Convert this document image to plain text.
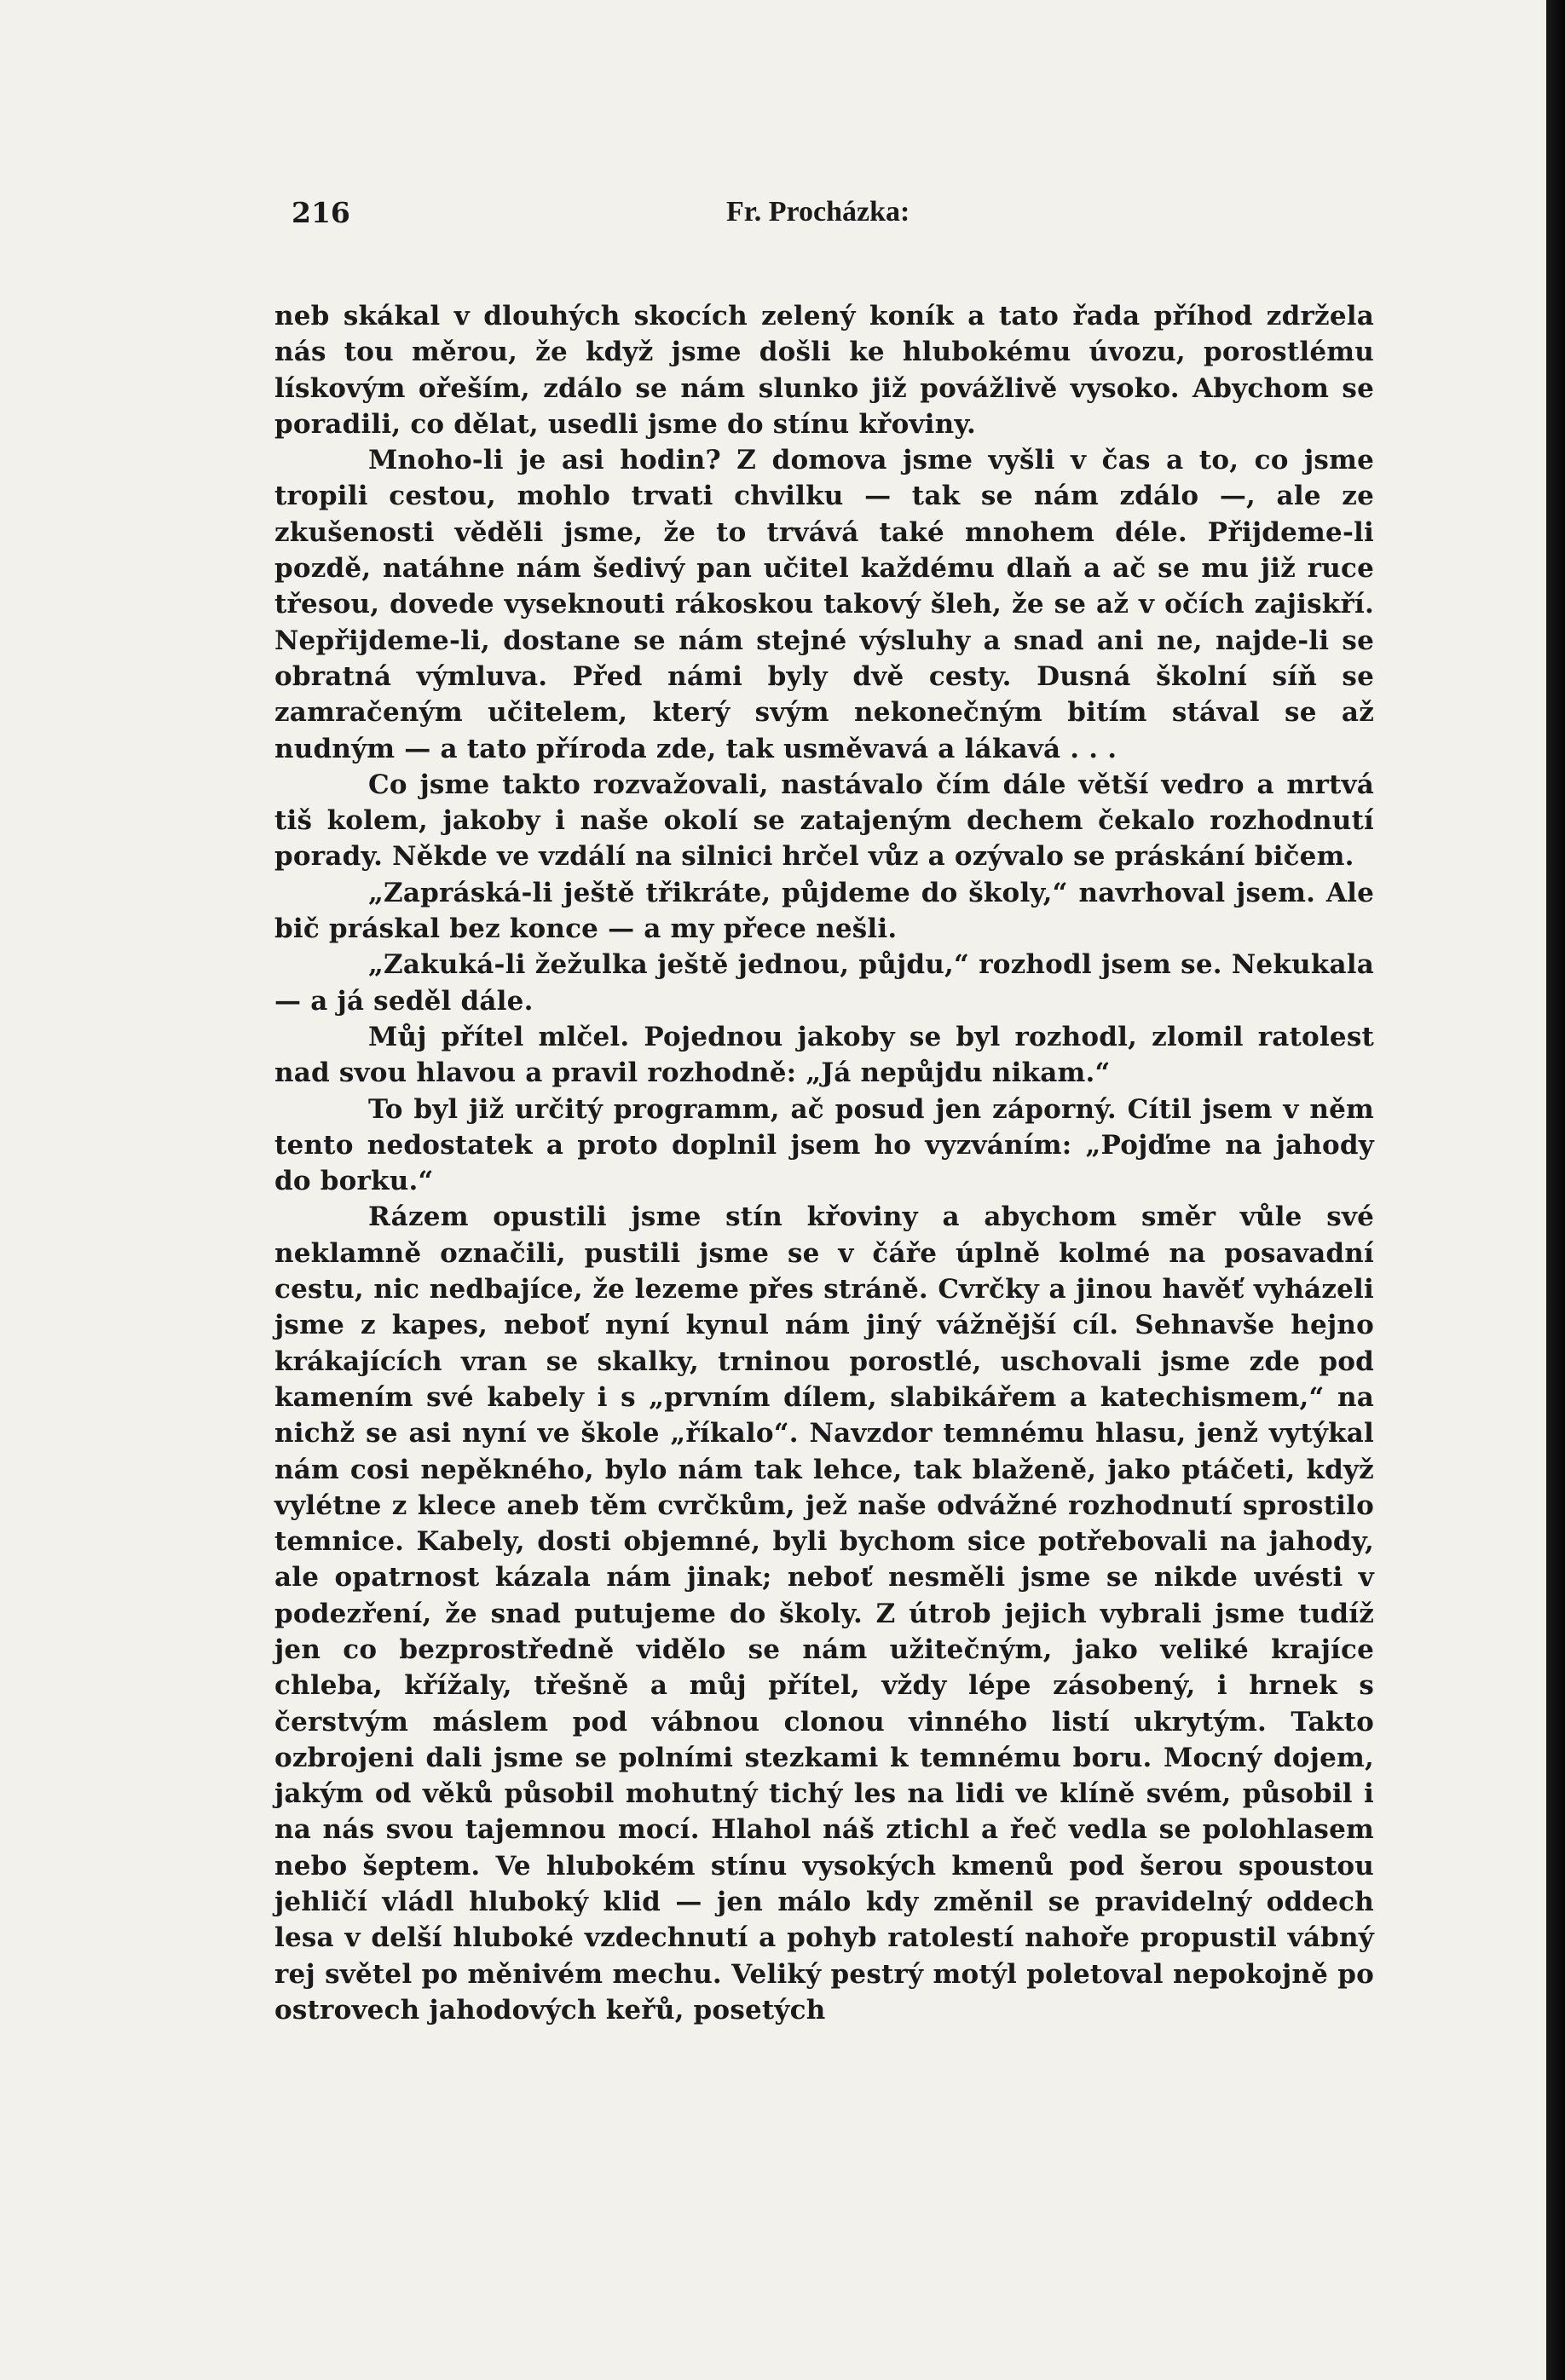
216	Fr. Procházka:

neb skákal v dlouhých skocích zelený koník a tato řada příhod zdržela nás tou měrou, že když jsme došli ke hlubokému úvozu, porostlému lískovým ořeším, zdálo se nám slunko již povážlivě vysoko. Abychom se poradili, co dělat, usedli jsme do stínu křoviny.

Mnoho-li je asi hodin? Z domova jsme vyšli v čas a to, co jsme tropili cestou, mohlo trvati chvilku — tak se nám zdálo —, ale ze zkušenosti věděli jsme, že to trvává také mnohem déle. Přijdeme-li pozdě, natáhne nám šedivý pan učitel každému dlaň a ač se mu již ruce třesou, dovede vyseknouti rákoskou takový šleh, že se až v očích zajiskří. Nepřijdeme-li, dostane se nám stejné výsluhy a snad ani ne, najde-li se obratná výmluva. Před námi byly dvě cesty. Dusná školní síň se zamračeným učitelem, který svým nekonečným bitím stával se až nudným — a tato příroda zde, tak usměvavá a lákavá . . .

Co jsme takto rozvažovali, nastávalo čím dále větší vedro a mrtvá tiš kolem, jakoby i naše okolí se zatajeným dechem čekalo rozhodnutí porady. Někde ve vzdálí na silnici hrčel vůz a ozývalo se práskání bičem.

„Zapráská-li ještě třikráte, půjdeme do školy,“ navrhoval jsem. Ale bič práskal bez konce — a my přece nešli.

„Zakuká-li žežulka ještě jednou, půjdu,“ rozhodl jsem se. Nekukala — a já seděl dále.

Můj přítel mlčel. Pojednou jakoby se byl rozhodl, zlomil ratolest nad svou hlavou a pravil rozhodně: „Já nepůjdu nikam.“

To byl již určitý programm, ač posud jen záporný. Cítil jsem v něm tento nedostatek a proto doplnil jsem ho vyzváním: „Pojďme na jahody do borku.“

Rázem opustili jsme stín křoviny a abychom směr vůle své neklamně označili, pustili jsme se v čáře úplně kolmé na posavadní cestu, nic nedbajíce, že lezeme přes stráně. Cvrčky a jinou havěť vyházeli jsme z kapes, neboť nyní kynul nám jiný vážnější cíl. Sehnavše hejno krákajících vran se skalky, trninou porostlé, uschovali jsme zde pod kamením své kabely i s „prvním dílem, slabikářem a katechismem,“ na nichž se asi nyní ve škole „říkalo“. Navzdor temnému hlasu, jenž vytýkal nám cosi nepěkného, bylo nám tak lehce, tak blaženě, jako ptáčeti, když vylétne z klece aneb těm cvrčkům, jež naše odvážné rozhodnutí sprostilo temnice. Kabely, dosti objemné, byli bychom sice potřebovali na jahody, ale opatrnost kázala nám jinak; neboť nesměli jsme se nikde uvésti v podezření, že snad putujeme do školy. Z útrob jejich vybrali jsme tudíž jen co bezprostředně vidělo se nám užitečným, jako veliké krajíce chleba, křížaly, třešně a můj přítel, vždy lépe zásobený, i hrnek s čerstvým máslem pod vábnou clonou vinného listí ukrytým. Takto ozbrojeni dali jsme se polními stezkami k temnému boru. Mocný dojem, jakým od věků působil mohutný tichý les na lidi ve klíně svém, působil i na nás svou tajemnou mocí. Hlahol náš ztichl a řeč vedla se polohlasem nebo šeptem. Ve hlubokém stínu vysokých kmenů pod šerou spoustou jehličí vládl hluboký klid — jen málo kdy změnil se pravidelný oddech lesa v delší hluboké vzdechnutí a pohyb ratolestí nahoře propustil vábný rej světel po měnivém mechu. Veliký pestrý motýl poletoval nepokojně po ostrovech jahodových keřů, posetých
